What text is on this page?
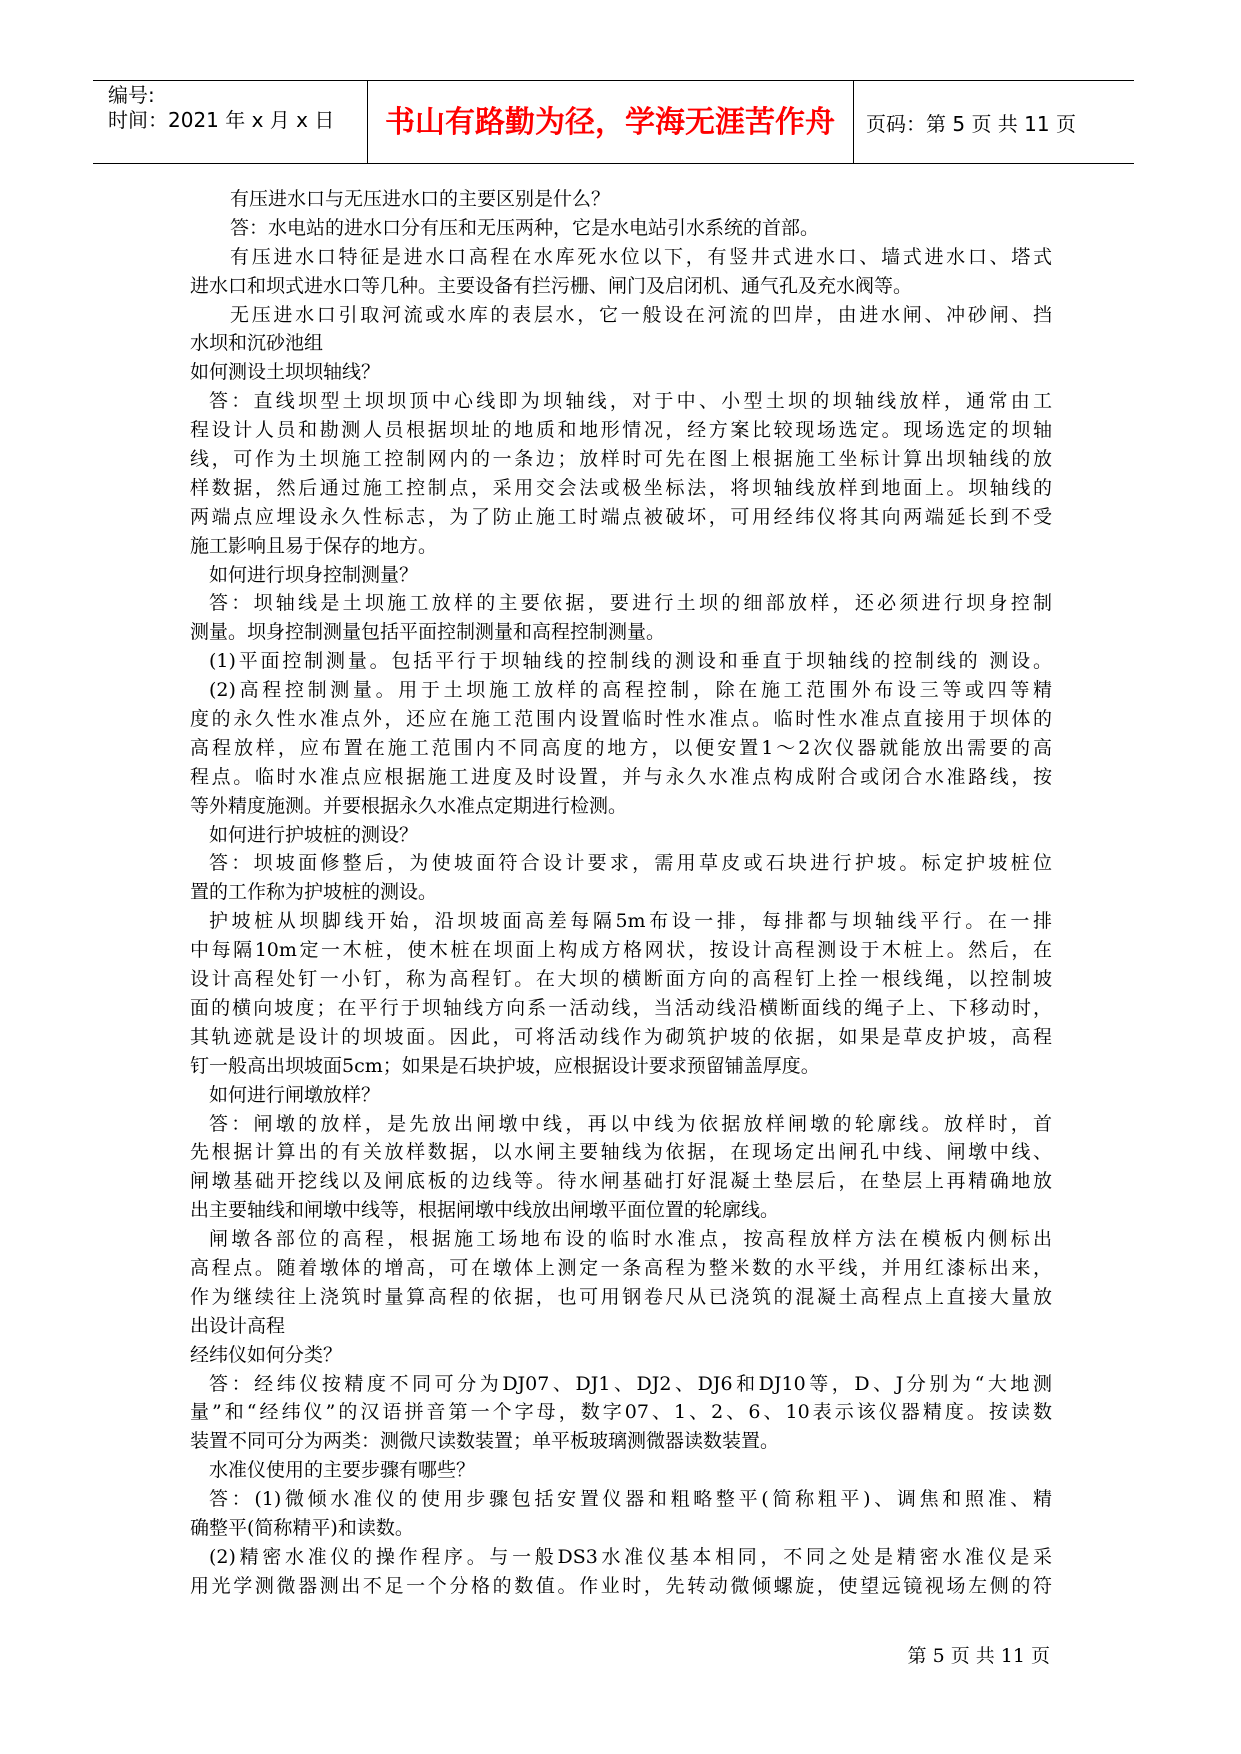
编号:
时间：2021 年 x 月 x 日	书山有路勤为径，学海无涯苦作舟	页码：第 5 页 共 11 页
有压进水口与无压进水口的主要区别是什么？
答：水电站的进水口分有压和无压两种，它是水电站引水系统的首部。
有压进水口特征是进水口高程在水库死水位以下，有竖井式进水口、墙式进水口、塔式
进水口和坝式进水口等几种。主要设备有拦污栅、闸门及启闭机、通气孔及充水阀等。
无压进水口引取河流或水库的表层水，它一般设在河流的凹岸，由进水闸、冲砂闸、挡
水坝和沉砂池组
如何测设土坝坝轴线？
答：直线坝型土坝坝顶中心线即为坝轴线，对于中、小型土坝的坝轴线放样，通常由工
程设计人员和勘测人员根据坝址的地质和地形情况，经方案比较现场选定。现场选定的坝轴
线，可作为土坝施工控制网内的一条边；放样时可先在图上根据施工坐标计算出坝轴线的放
样数据，然后通过施工控制点，采用交会法或极坐标法，将坝轴线放样到地面上。坝轴线的
两端点应埋设永久性标志，为了防止施工时端点被破坏，可用经纬仪将其向两端延长到不受
施工影响且易于保存的地方。
如何进行坝身控制测量？
答：坝轴线是土坝施工放样的主要依据，要进行土坝的细部放样，还必须进行坝身控制
测量。坝身控制测量包括平面控制测量和高程控制测量。
(1)平面控制测量。包括平行于坝轴线的控制线的测设和垂直于坝轴线的控制线的 测设。
(2)高程控制测量。用于土坝施工放样的高程控制，除在施工范围外布设三等或四等精
度的永久性水准点外，还应在施工范围内设置临时性水准点。临时性水准点直接用于坝体的
高程放样，应布置在施工范围内不同高度的地方，以便安置1～2次仪器就能放出需要的高
程点。临时水准点应根据施工进度及时设置，并与永久水准点构成附合或闭合水准路线，按
等外精度施测。并要根据永久水准点定期进行检测。
如何进行护坡桩的测设？
答：坝坡面修整后，为使坡面符合设计要求，需用草皮或石块进行护坡。标定护坡桩位
置的工作称为护坡桩的测设。
护坡桩从坝脚线开始，沿坝坡面高差每隔5m布设一排，每排都与坝轴线平行。在一排
中每隔10m定一木桩，使木桩在坝面上构成方格网状，按设计高程测设于木桩上。然后，在
设计高程处钉一小钉，称为高程钉。在大坝的横断面方向的高程钉上拴一根线绳，以控制坡
面的横向坡度；在平行于坝轴线方向系一活动线，当活动线沿横断面线的绳子上、下移动时，
其轨迹就是设计的坝坡面。因此，可将活动线作为砌筑护坡的依据，如果是草皮护坡，高程
钉一般高出坝坡面5cm；如果是石块护坡，应根据设计要求预留铺盖厚度。
如何进行闸墩放样？
答：闸墩的放样，是先放出闸墩中线，再以中线为依据放样闸墩的轮廓线。放样时，首
先根据计算出的有关放样数据，以水闸主要轴线为依据，在现场定出闸孔中线、闸墩中线、
闸墩基础开挖线以及闸底板的边线等。待水闸基础打好混凝土垫层后，在垫层上再精确地放
出主要轴线和闸墩中线等，根据闸墩中线放出闸墩平面位置的轮廓线。
闸墩各部位的高程，根据施工场地布设的临时水准点，按高程放样方法在模板内侧标出
高程点。随着墩体的增高，可在墩体上测定一条高程为整米数的水平线，并用红漆标出来，
作为继续往上浇筑时量算高程的依据，也可用钢卷尺从已浇筑的混凝土高程点上直接大量放
出设计高程
经纬仪如何分类？
答：经纬仪按精度不同可分为DJ07、DJ1、DJ2、DJ6和DJ10等，D、J分别为“大地测
量”和“经纬仪”的汉语拼音第一个字母，数字07、1、2、6、10表示该仪器精度。按读数
装置不同可分为两类：测微尺读数装置；单平板玻璃测微器读数装置。
水准仪使用的主要步骤有哪些？
答：(1)微倾水准仪的使用步骤包括安置仪器和粗略整平(简称粗平)、调焦和照准、精
确整平(简称精平)和读数。
(2)精密水准仪的操作程序。与一般DS3水准仪基本相同，不同之处是精密水准仪是采
用光学测微器测出不足一个分格的数值。作业时，先转动微倾螺旋，使望远镜视场左侧的符
第 5 页 共 11 页
